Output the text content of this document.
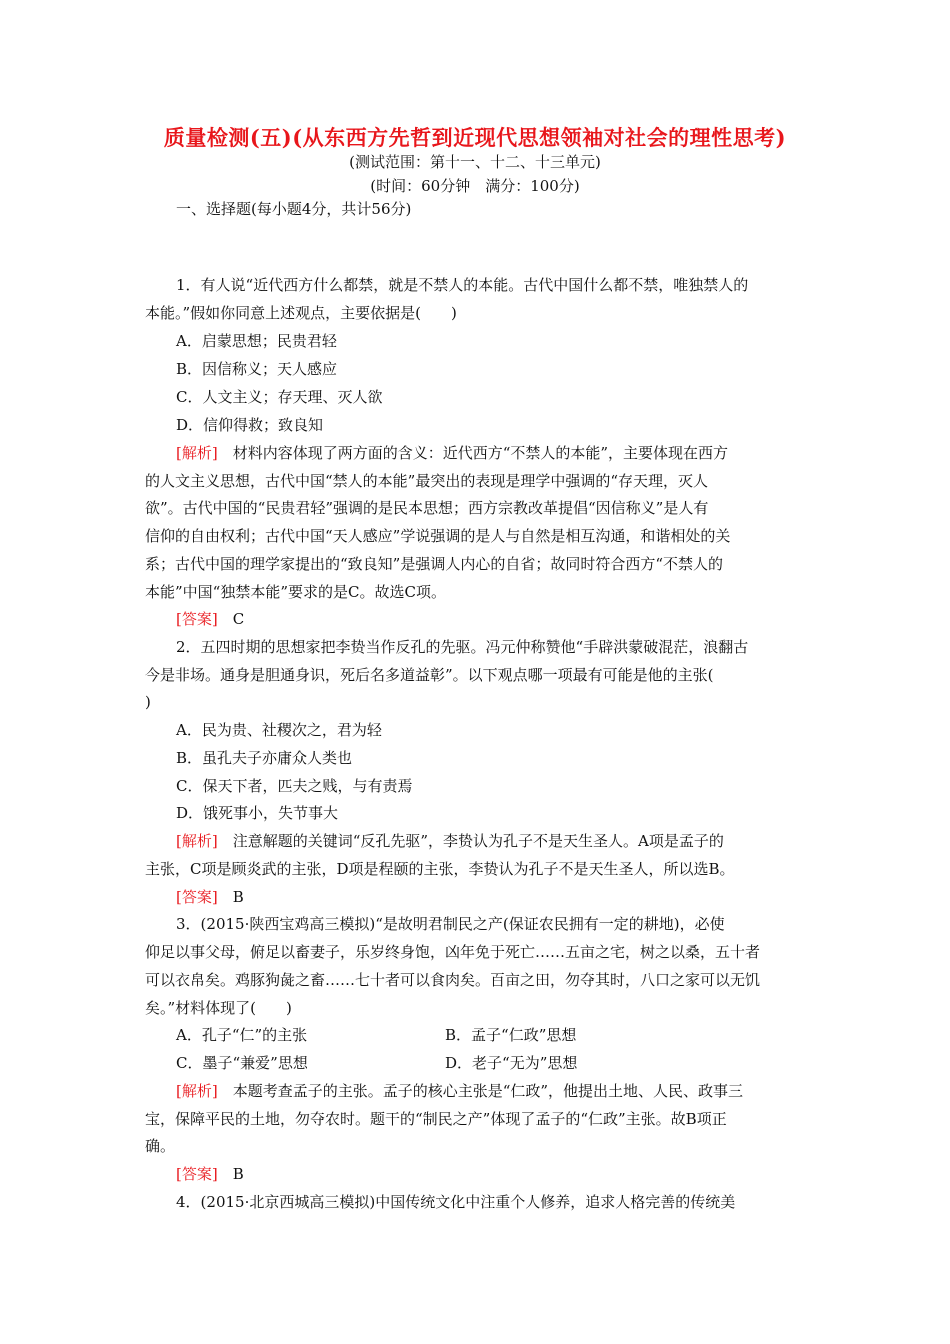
质量检测(五)(从东西方先哲到近现代思想领袖对社会的理性思考)
(测试范围：第十一、十二、十三单元)
(时间：60分钟　满分：100分)
一、选择题(每小题4分，共计56分)
1．有人说“近代西方什么都禁，就是不禁人的本能。古代中国什么都不禁，唯独禁人的
本能。”假如你同意上述观点，主要依据是(　　)
A．启蒙思想；民贵君轻
B．因信称义；天人感应
C．人文主义；存天理、灭人欲
D．信仰得救；致良知
[解析]　材料内容体现了两方面的含义：近代西方“不禁人的本能”，主要体现在西方
的人文主义思想，古代中国“禁人的本能”最突出的表现是理学中强调的“存天理，灭人
欲”。古代中国的“民贵君轻”强调的是民本思想；西方宗教改革提倡“因信称义”是人有
信仰的自由权利；古代中国“天人感应”学说强调的是人与自然是相互沟通，和谐相处的关
系；古代中国的理学家提出的“致良知”是强调人内心的自省；故同时符合西方“不禁人的
本能”中国“独禁本能”要求的是C。故选C项。
[答案]　C
2．五四时期的思想家把李贽当作反孔的先驱。冯元仲称赞他“手辟洪蒙破混茫，浪翻古
今是非场。通身是胆通身识，死后名多道益彰”。以下观点哪一项最有可能是他的主张(
)
A．民为贵、社稷次之，君为轻
B．虽孔夫子亦庸众人类也
C．保天下者，匹夫之贱，与有责焉
D．饿死事小，失节事大
[解析]　注意解题的关键词“反孔先驱”，李贽认为孔子不是天生圣人。A项是孟子的
主张，C项是顾炎武的主张，D项是程颐的主张，李贽认为孔子不是天生圣人，所以选B。
[答案]　B
3．(2015·陕西宝鸡高三模拟)“是故明君制民之产(保证农民拥有一定的耕地)，必使
仰足以事父母，俯足以畜妻子，乐岁终身饱，凶年免于死亡……五亩之宅，树之以桑，五十者
可以衣帛矣。鸡豚狗彘之畜……七十者可以食肉矣。百亩之田，勿夺其时，八口之家可以无饥
矣。”材料体现了(　　)
A．孔子“仁”的主张	B．孟子“仁政”思想
C．墨子“兼爱”思想	D．老子“无为”思想
[解析]　本题考查孟子的主张。孟子的核心主张是“仁政”，他提出土地、人民、政事三
宝，保障平民的土地，勿夺农时。题干的“制民之产”体现了孟子的“仁政”主张。故B项正
确。
[答案]　B
4．(2015·北京西城高三模拟)中国传统文化中注重个人修养，追求人格完善的传统美
